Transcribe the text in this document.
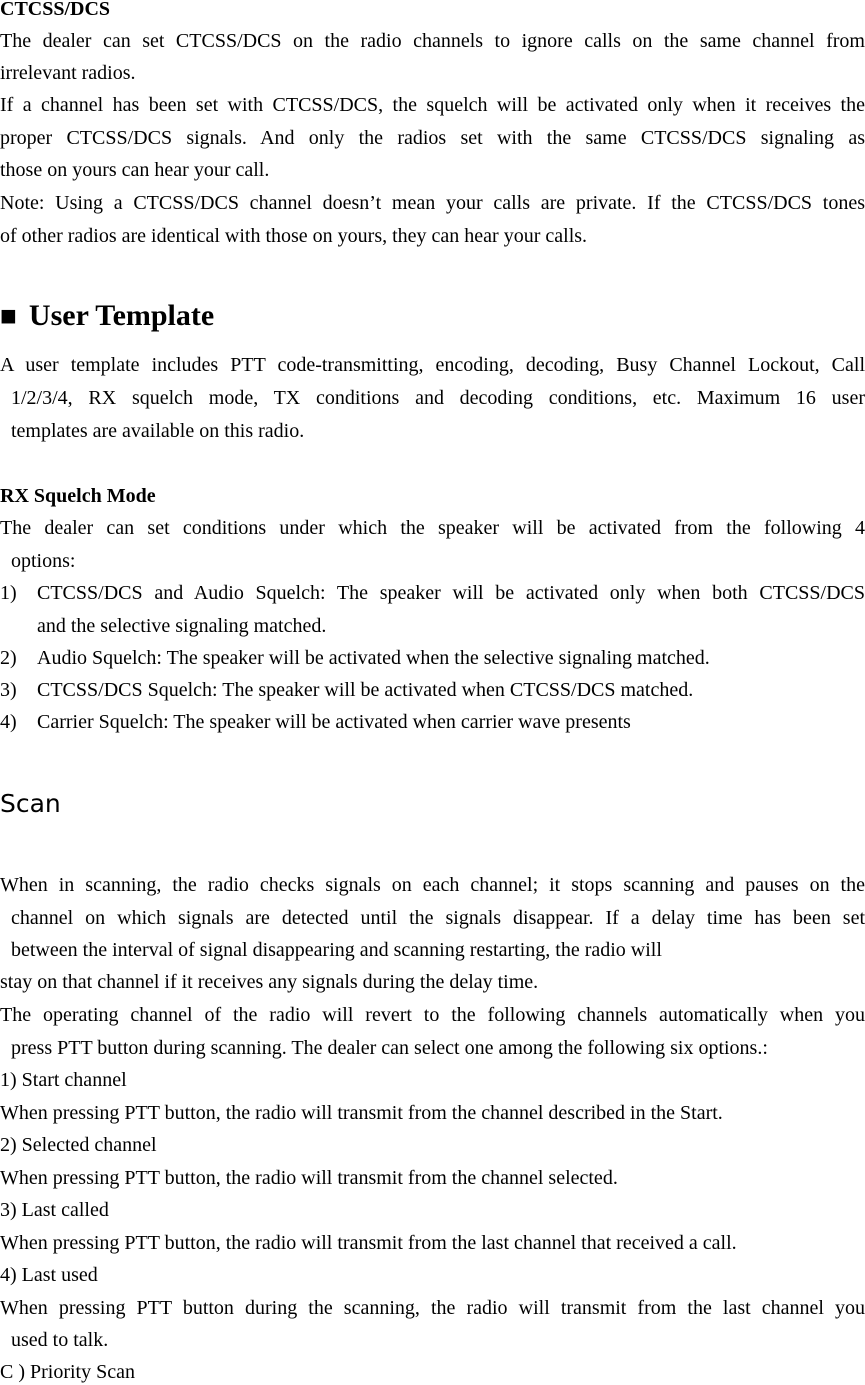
CTCSS/DCS
The dealer can set CTCSS/DCS on the radio channels to ignore calls on the same channel from
irrelevant radios.
If a channel has been set with CTCSS/DCS, the squelch will be activated only when it receives the
proper CTCSS/DCS signals. And only the radios set with the same CTCSS/DCS signaling as
those on yours can hear your call.
Note: Using a CTCSS/DCS channel doesn’t mean your calls are private. If the CTCSS/DCS tones
of other radios are identical with those on yours, they can hear your calls.
■ User Template
A user template includes PTT code-transmitting, encoding, decoding, Busy Channel Lockout, Call
1/2/3/4, RX squelch mode, TX conditions and decoding conditions, etc. Maximum 16 user
templates are available on this radio.
RX Squelch Mode
The dealer can set conditions under which the speaker will be activated from the following 4
options:
1) CTCSS/DCS and Audio Squelch: The speaker will be activated only when both CTCSS/DCS
and the selective signaling matched.
2) Audio Squelch: The speaker will be activated when the selective signaling matched.
3) CTCSS/DCS Squelch: The speaker will be activated when CTCSS/DCS matched.
4) Carrier Squelch: The speaker will be activated when carrier wave presents
Scan
When in scanning, the radio checks signals on each channel; it stops scanning and pauses on the
channel on which signals are detected until the signals disappear. If a delay time has been set
between the interval of signal disappearing and scanning restarting, the radio will
stay on that channel if it receives any signals during the delay time.
The operating channel of the radio will revert to the following channels automatically when you
press PTT button during scanning. The dealer can select one among the following six options.:
1) Start channel
When pressing PTT button, the radio will transmit from the channel described in the Start.
2) Selected channel
When pressing PTT button, the radio will transmit from the channel selected.
3) Last called
When pressing PTT button, the radio will transmit from the last channel that received a call.
4) Last used
When pressing PTT button during the scanning, the radio will transmit from the last channel you
used to talk.
C ) Priority Scan
